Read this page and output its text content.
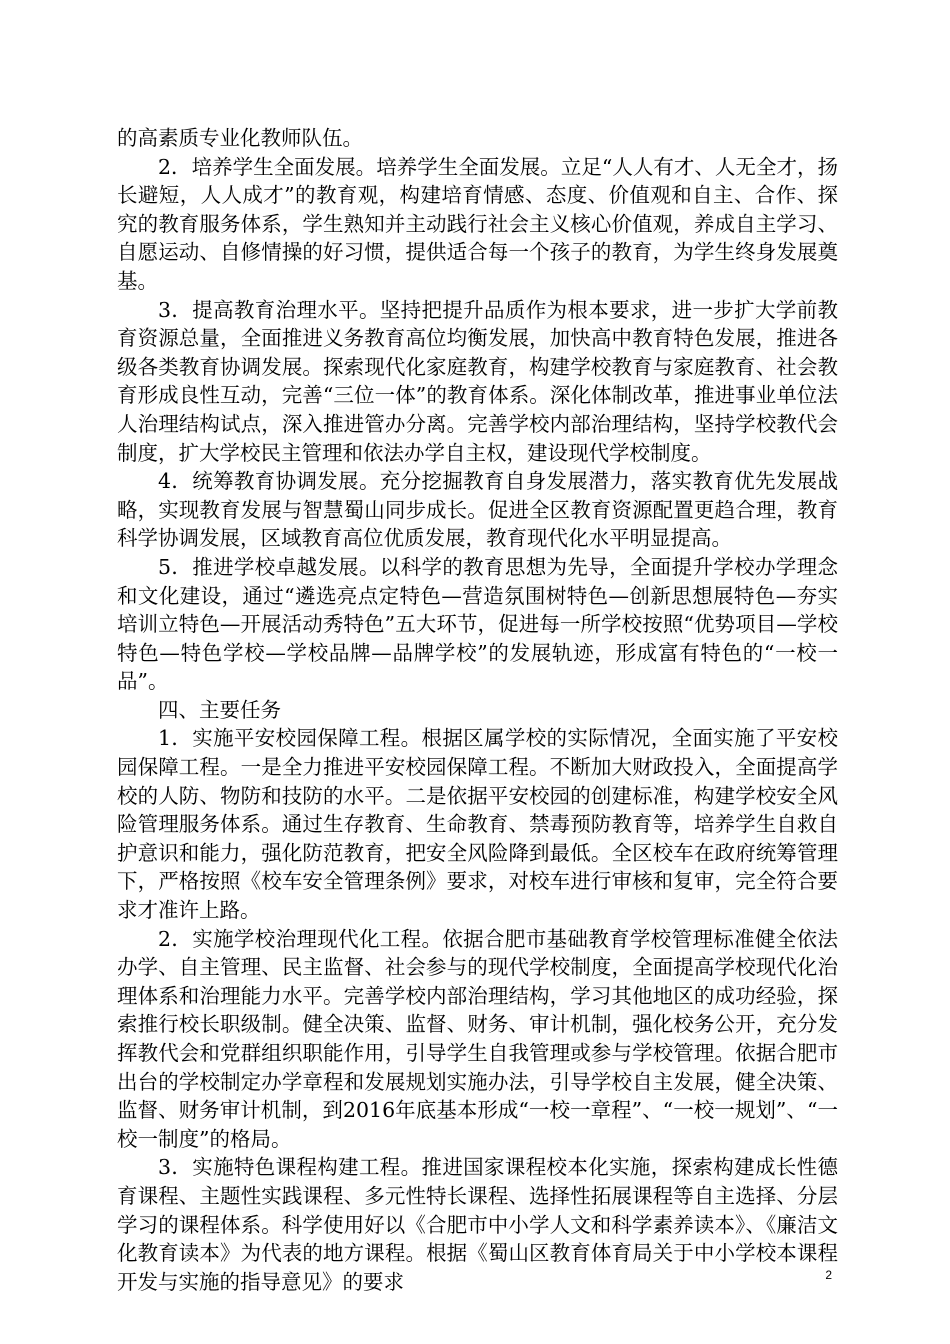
的高素质专业化教师队伍。

2．培养学生全面发展。培养学生全面发展。立足“人人有才、人无全才，扬长避短，人人成才”的教育观，构建培育情感、态度、价值观和自主、合作、探究的教育服务体系，学生熟知并主动践行社会主义核心价值观，养成自主学习、自愿运动、自修情操的好习惯，提供适合每一个孩子的教育，为学生终身发展奠基。

3．提高教育治理水平。坚持把提升品质作为根本要求，进一步扩大学前教育资源总量，全面推进义务教育高位均衡发展，加快高中教育特色发展，推进各级各类教育协调发展。探索现代化家庭教育，构建学校教育与家庭教育、社会教育形成良性互动，完善“三位一体”的教育体系。深化体制改革，推进事业单位法人治理结构试点，深入推进管办分离。完善学校内部治理结构，坚持学校教代会制度，扩大学校民主管理和依法办学自主权，建设现代学校制度。

4．统筹教育协调发展。充分挖掘教育自身发展潜力，落实教育优先发展战略，实现教育发展与智慧蜀山同步成长。促进全区教育资源配置更趋合理，教育科学协调发展，区域教育高位优质发展，教育现代化水平明显提高。

5．推进学校卓越发展。以科学的教育思想为先导，全面提升学校办学理念和文化建设，通过“遴选亮点定特色—营造氛围树特色—创新思想展特色—夯实培训立特色—开展活动秀特色”五大环节，促进每一所学校按照“优势项目—学校特色—特色学校—学校品牌—品牌学校”的发展轨迹，形成富有特色的“一校一品”。

四、主要任务

1．实施平安校园保障工程。根据区属学校的实际情况，全面实施了平安校园保障工程。一是全力推进平安校园保障工程。不断加大财政投入，全面提高学校的人防、物防和技防的水平。二是依据平安校园的创建标准，构建学校安全风险管理服务体系。通过生存教育、生命教育、禁毒预防教育等，培养学生自救自护意识和能力，强化防范教育，把安全风险降到最低。全区校车在政府统筹管理下，严格按照《校车安全管理条例》要求，对校车进行审核和复审，完全符合要求才准许上路。

2．实施学校治理现代化工程。依据合肥市基础教育学校管理标准健全依法办学、自主管理、民主监督、社会参与的现代学校制度，全面提高学校现代化治理体系和治理能力水平。完善学校内部治理结构，学习其他地区的成功经验，探索推行校长职级制。健全决策、监督、财务、审计机制，强化校务公开，充分发挥教代会和党群组织职能作用，引导学生自我管理或参与学校管理。依据合肥市出台的学校制定办学章程和发展规划实施办法，引导学校自主发展，健全决策、监督、财务审计机制，到2016年底基本形成“一校一章程”、“一校一规划”、“一校一制度”的格局。

3．实施特色课程构建工程。推进国家课程校本化实施，探索构建成长性德育课程、主题性实践课程、多元性特长课程、选择性拓展课程等自主选择、分层学习的课程体系。科学使用好以《合肥市中小学人文和科学素养读本》、《廉洁文化教育读本》为代表的地方课程。根据《蜀山区教育体育局关于中小学校本课程开发与实施的指导意见》的要求	2
